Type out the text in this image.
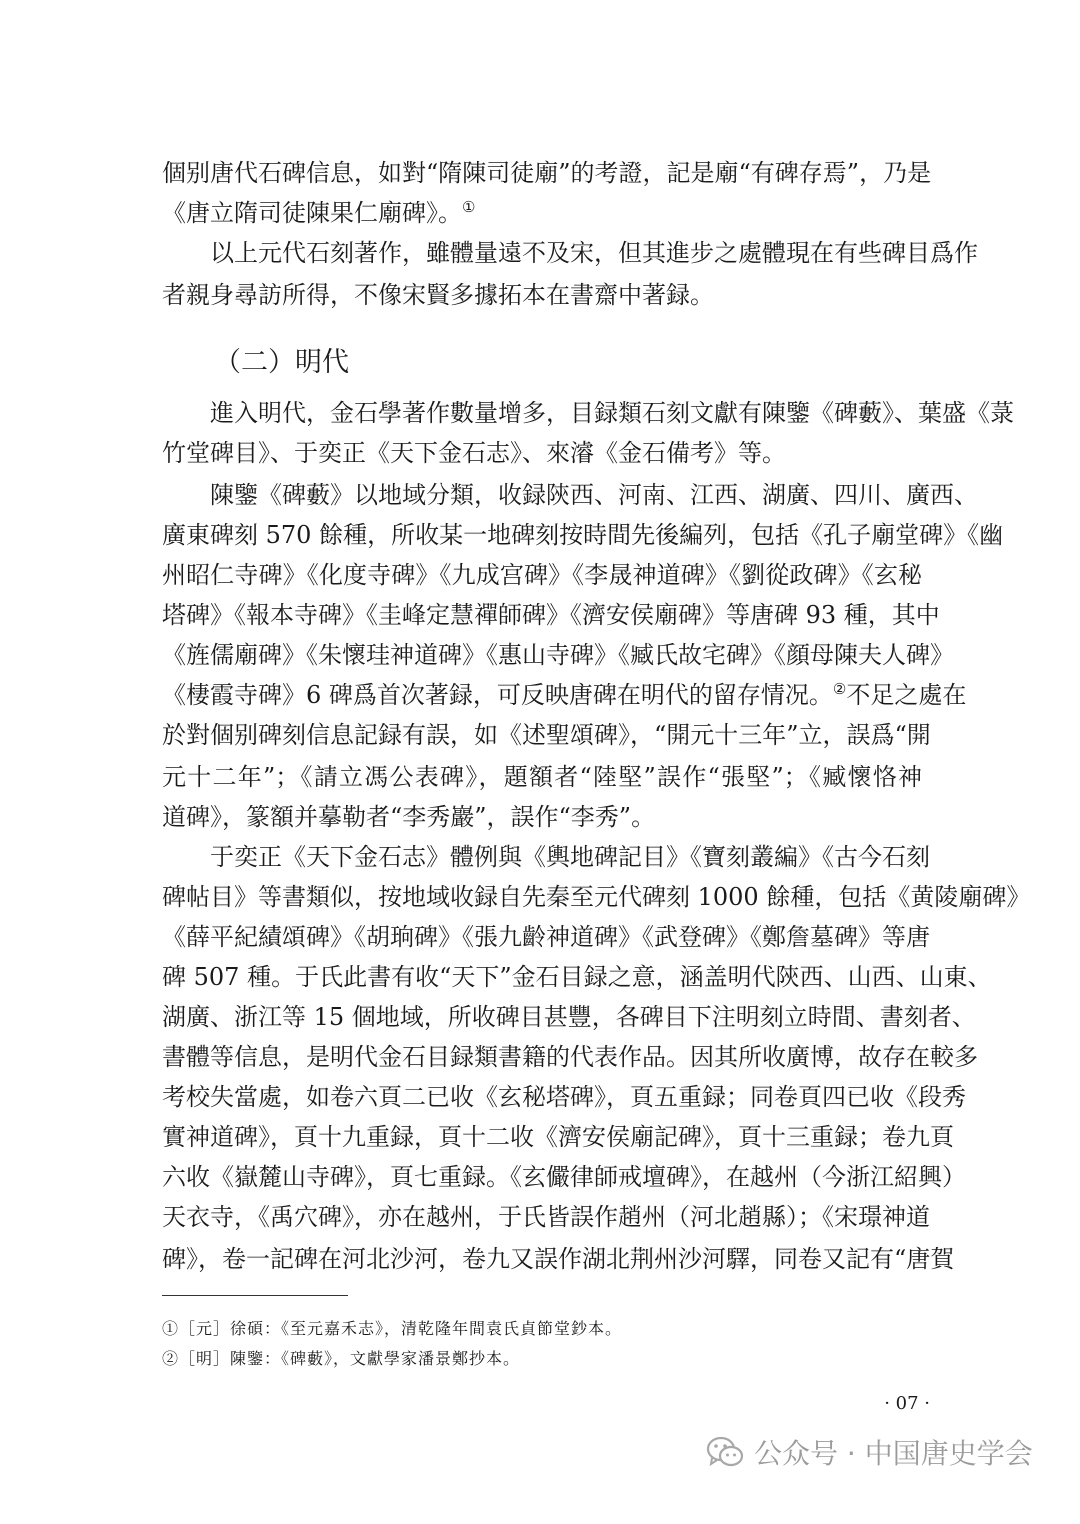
個别唐代石碑信息，如對“隋陳司徒廟”的考證，記是廟“有碑存焉”，乃是
《唐立隋司徒陳果仁廟碑》。①
以上元代石刻著作，雖體量遠不及宋，但其進步之處體現在有些碑目爲作
者親身尋訪所得，不像宋賢多據拓本在書齋中著録。
（二）明代
進入明代，金石學著作數量增多，目録類石刻文獻有陳鑒《碑藪》、葉盛《菉
竹堂碑目》、于奕正《天下金石志》、來濬《金石備考》等。
陳鑒《碑藪》以地域分類，收録陝西、河南、江西、湖廣、四川、廣西、
廣東碑刻 570 餘種，所收某一地碑刻按時間先後編列，包括《孔子廟堂碑》《幽
州昭仁寺碑》《化度寺碑》《九成宫碑》《李晟神道碑》《劉從政碑》《玄秘
塔碑》《報本寺碑》《圭峰定慧禪師碑》《濟安侯廟碑》等唐碑 93 種，其中
《旌儒廟碑》《朱懷珪神道碑》《惠山寺碑》《臧氏故宅碑》《顔母陳夫人碑》
《棲霞寺碑》6 碑爲首次著録，可反映唐碑在明代的留存情况。②不足之處在
於對個别碑刻信息記録有誤，如《述聖頌碑》，“開元十三年”立，誤爲“開
元十二年”；《請立馮公表碑》，題額者“陸堅”誤作“張堅”；《臧懷恪神
道碑》，篆額并摹勒者“李秀巖”，誤作“李秀”。
于奕正《天下金石志》體例與《輿地碑記目》《寶刻叢編》《古今石刻
碑帖目》等書類似，按地域收録自先秦至元代碑刻 1000 餘種，包括《黄陵廟碑》
《薛平紀績頌碑》《胡珦碑》《張九齡神道碑》《武登碑》《鄭詹墓碑》等唐
碑 507 種。于氏此書有收“天下”金石目録之意，涵盖明代陝西、山西、山東、
湖廣、浙江等 15 個地域，所收碑目甚豐，各碑目下注明刻立時間、書刻者、
書體等信息，是明代金石目録類書籍的代表作品。因其所收廣博，故存在較多
考校失當處，如卷六頁二已收《玄秘塔碑》，頁五重録；同卷頁四已收《段秀
實神道碑》，頁十九重録，頁十二收《濟安侯廟記碑》，頁十三重録；卷九頁
六收《嶽麓山寺碑》，頁七重録。《玄儼律師戒壇碑》，在越州（今浙江紹興）
天衣寺，《禹穴碑》，亦在越州，于氏皆誤作趙州（河北趙縣）；《宋璟神道
碑》，卷一記碑在河北沙河，卷九又誤作湖北荆州沙河驛，同卷又記有“唐賀
①［元］徐碩：《至元嘉禾志》，清乾隆年間袁氏貞節堂鈔本。
②［明］陳鑒：《碑藪》，文獻學家潘景鄭抄本。
· 07 ·
公众号 · 中国唐史学会
